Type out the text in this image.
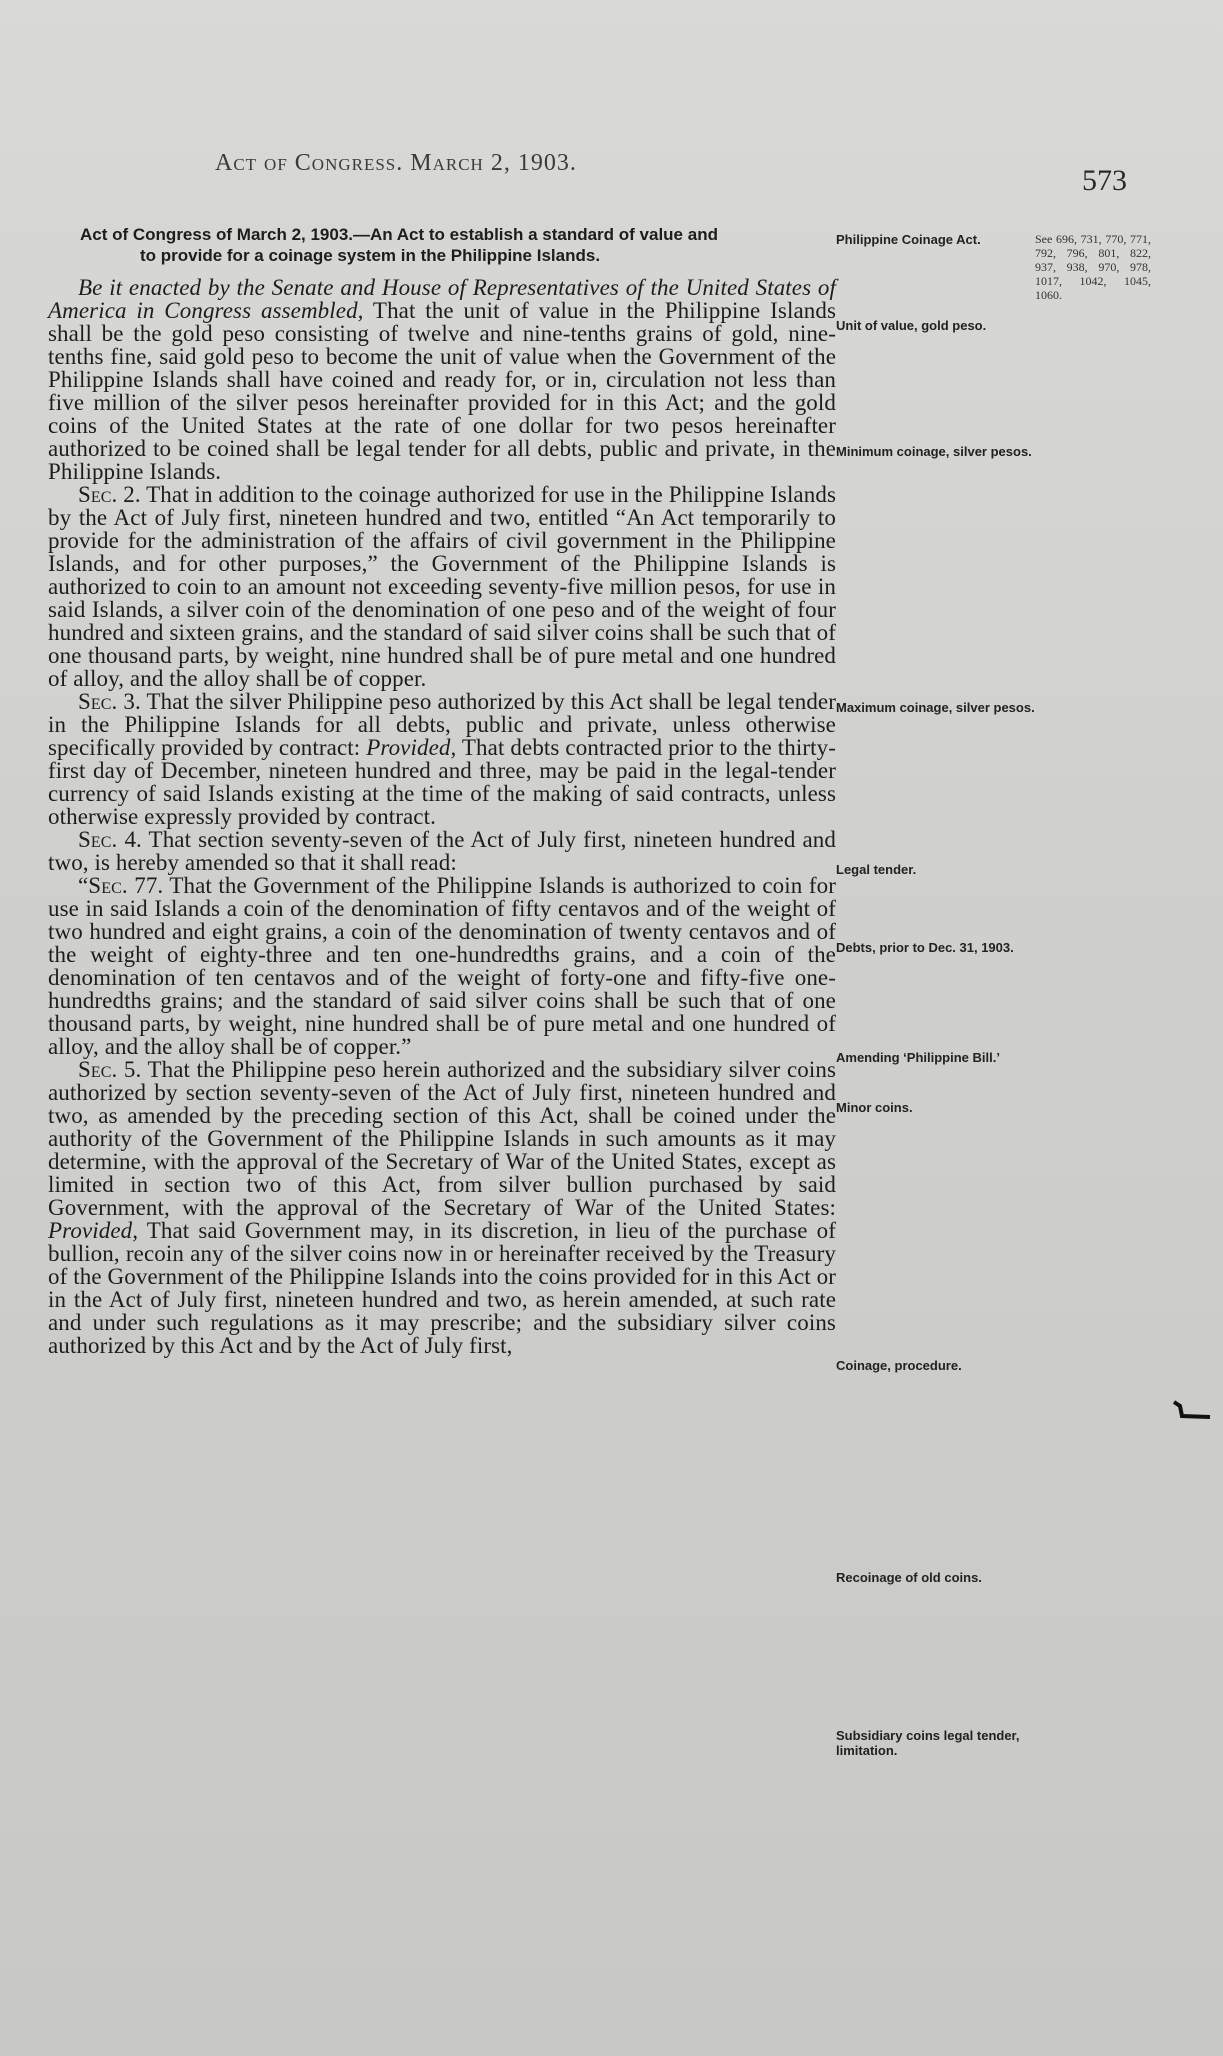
Act of Congress. March 2, 1903.
573
See 696, 731, 770, 771, 792, 796, 801, 822, 937, 938, 970, 978, 1017, 1042, 1045, 1060.
Act of Congress of March 2, 1903.—An Act to establish a standard of value and
to provide for a coinage system in the Philippine Islands.

Be it enacted by the Senate and House of Representatives of the United States of America in Congress assembled, That the unit of value in the Philippine Islands shall be the gold peso consisting of twelve and nine-tenths grains of gold, nine-tenths fine, said gold peso to become the unit of value when the Government of the Philippine Islands shall have coined and ready for, or in, circulation not less than five million of the silver pesos hereinafter provided for in this Act; and the gold coins of the United States at the rate of one dollar for two pesos hereinafter authorized to be coined shall be legal tender for all debts, public and private, in the Philippine Islands.

Sec. 2. That in addition to the coinage authorized for use in the Philippine Islands by the Act of July first, nineteen hundred and two, entitled “An Act temporarily to provide for the administration of the affairs of civil government in the Philippine Islands, and for other purposes,” the Government of the Philippine Islands is authorized to coin to an amount not exceeding seventy-five million pesos, for use in said Islands, a silver coin of the denomination of one peso and of the weight of four hundred and sixteen grains, and the standard of said silver coins shall be such that of one thousand parts, by weight, nine hundred shall be of pure metal and one hundred of alloy, and the alloy shall be of copper.

Sec. 3. That the silver Philippine peso authorized by this Act shall be legal tender in the Philippine Islands for all debts, public and private, unless otherwise specifically provided by contract: Provided, That debts contracted prior to the thirty-first day of December, nineteen hundred and three, may be paid in the legal-tender currency of said Islands existing at the time of the making of said contracts, unless otherwise expressly provided by contract.

Sec. 4. That section seventy-seven of the Act of July first, nineteen hundred and two, is hereby amended so that it shall read:

“Sec. 77. That the Government of the Philippine Islands is authorized to coin for use in said Islands a coin of the denomination of fifty centavos and of the weight of two hundred and eight grains, a coin of the denomination of twenty centavos and of the weight of eighty-three and ten one-hundredths grains, and a coin of the denomination of ten centavos and of the weight of forty-one and fifty-five one-hundredths grains; and the standard of said silver coins shall be such that of one thousand parts, by weight, nine hundred shall be of pure metal and one hundred of alloy, and the alloy shall be of copper.”

Sec. 5. That the Philippine peso herein authorized and the subsidiary silver coins authorized by section seventy-seven of the Act of July first, nineteen hundred and two, as amended by the preceding section of this Act, shall be coined under the authority of the Government of the Philippine Islands in such amounts as it may determine, with the approval of the Secretary of War of the United States, except as limited in section two of this Act, from silver bullion purchased by said Government, with the approval of the Secretary of War of the United States: Provided, That said Government may, in its discretion, in lieu of the purchase of bullion, recoin any of the silver coins now in or hereinafter received by the Treasury of the Government of the Philippine Islands into the coins provided for in this Act or in the Act of July first, nineteen hundred and two, as herein amended, at such rate and under such regulations as it may prescribe; and the subsidiary silver coins authorized by this Act and by the Act of July first,

Philippine Coinage Act.
Unit of value, gold peso.
Minimum coinage, silver pesos.
Maximum coinage, silver pesos.
Legal tender.
Debts, prior to Dec. 31, 1903.
Amending ‘Philippine Bill.’
Minor coins.
Coinage, procedure.
Recoinage of old coins.
Subsidiary coins legal tender, limitation.
